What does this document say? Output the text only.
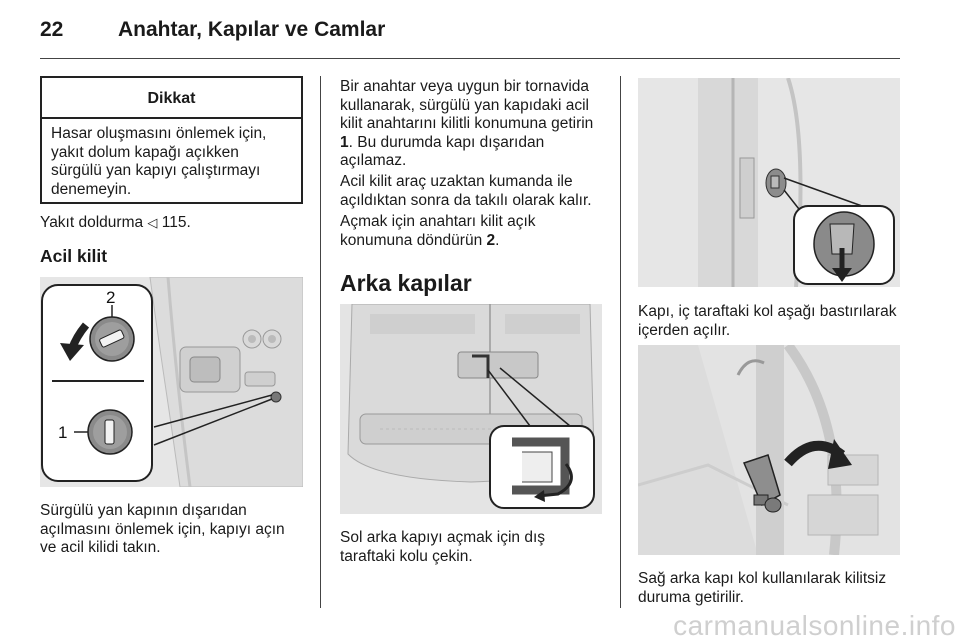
22	Anahtar, Kapılar ve Camlar
Dikkat
Hasar oluşmasını önlemek için,
yakıt dolum kapağı açıkken
sürgülü yan kapıyı çalıştırmayı
denemeyin.
Yakıt doldurma ◁ 115.
Acil kilit
2
1
Sürgülü yan kapının dışarıdan
açılmasını önlemek için, kapıyı açın
ve acil kilidi takın.
Bir anahtar veya uygun bir tornavida
kullanarak, sürgülü yan kapıdaki acil
kilit anahtarını kilitli konumuna getirin
1. Bu durumda kapı dışarıdan
açılamaz.
Acil kilit araç uzaktan kumanda ile
açıldıktan sonra da takılı olarak kalır.
Açmak için anahtarı kilit açık
konumuna döndürün 2.
Arka kapılar
Sol arka kapıyı açmak için dış
taraftaki kolu çekin.
Kapı, iç taraftaki kol aşağı bastırılarak
içerden açılır.
Sağ arka kapı kol kullanılarak kilitsiz
duruma getirilir.
carmanualsonline.info
